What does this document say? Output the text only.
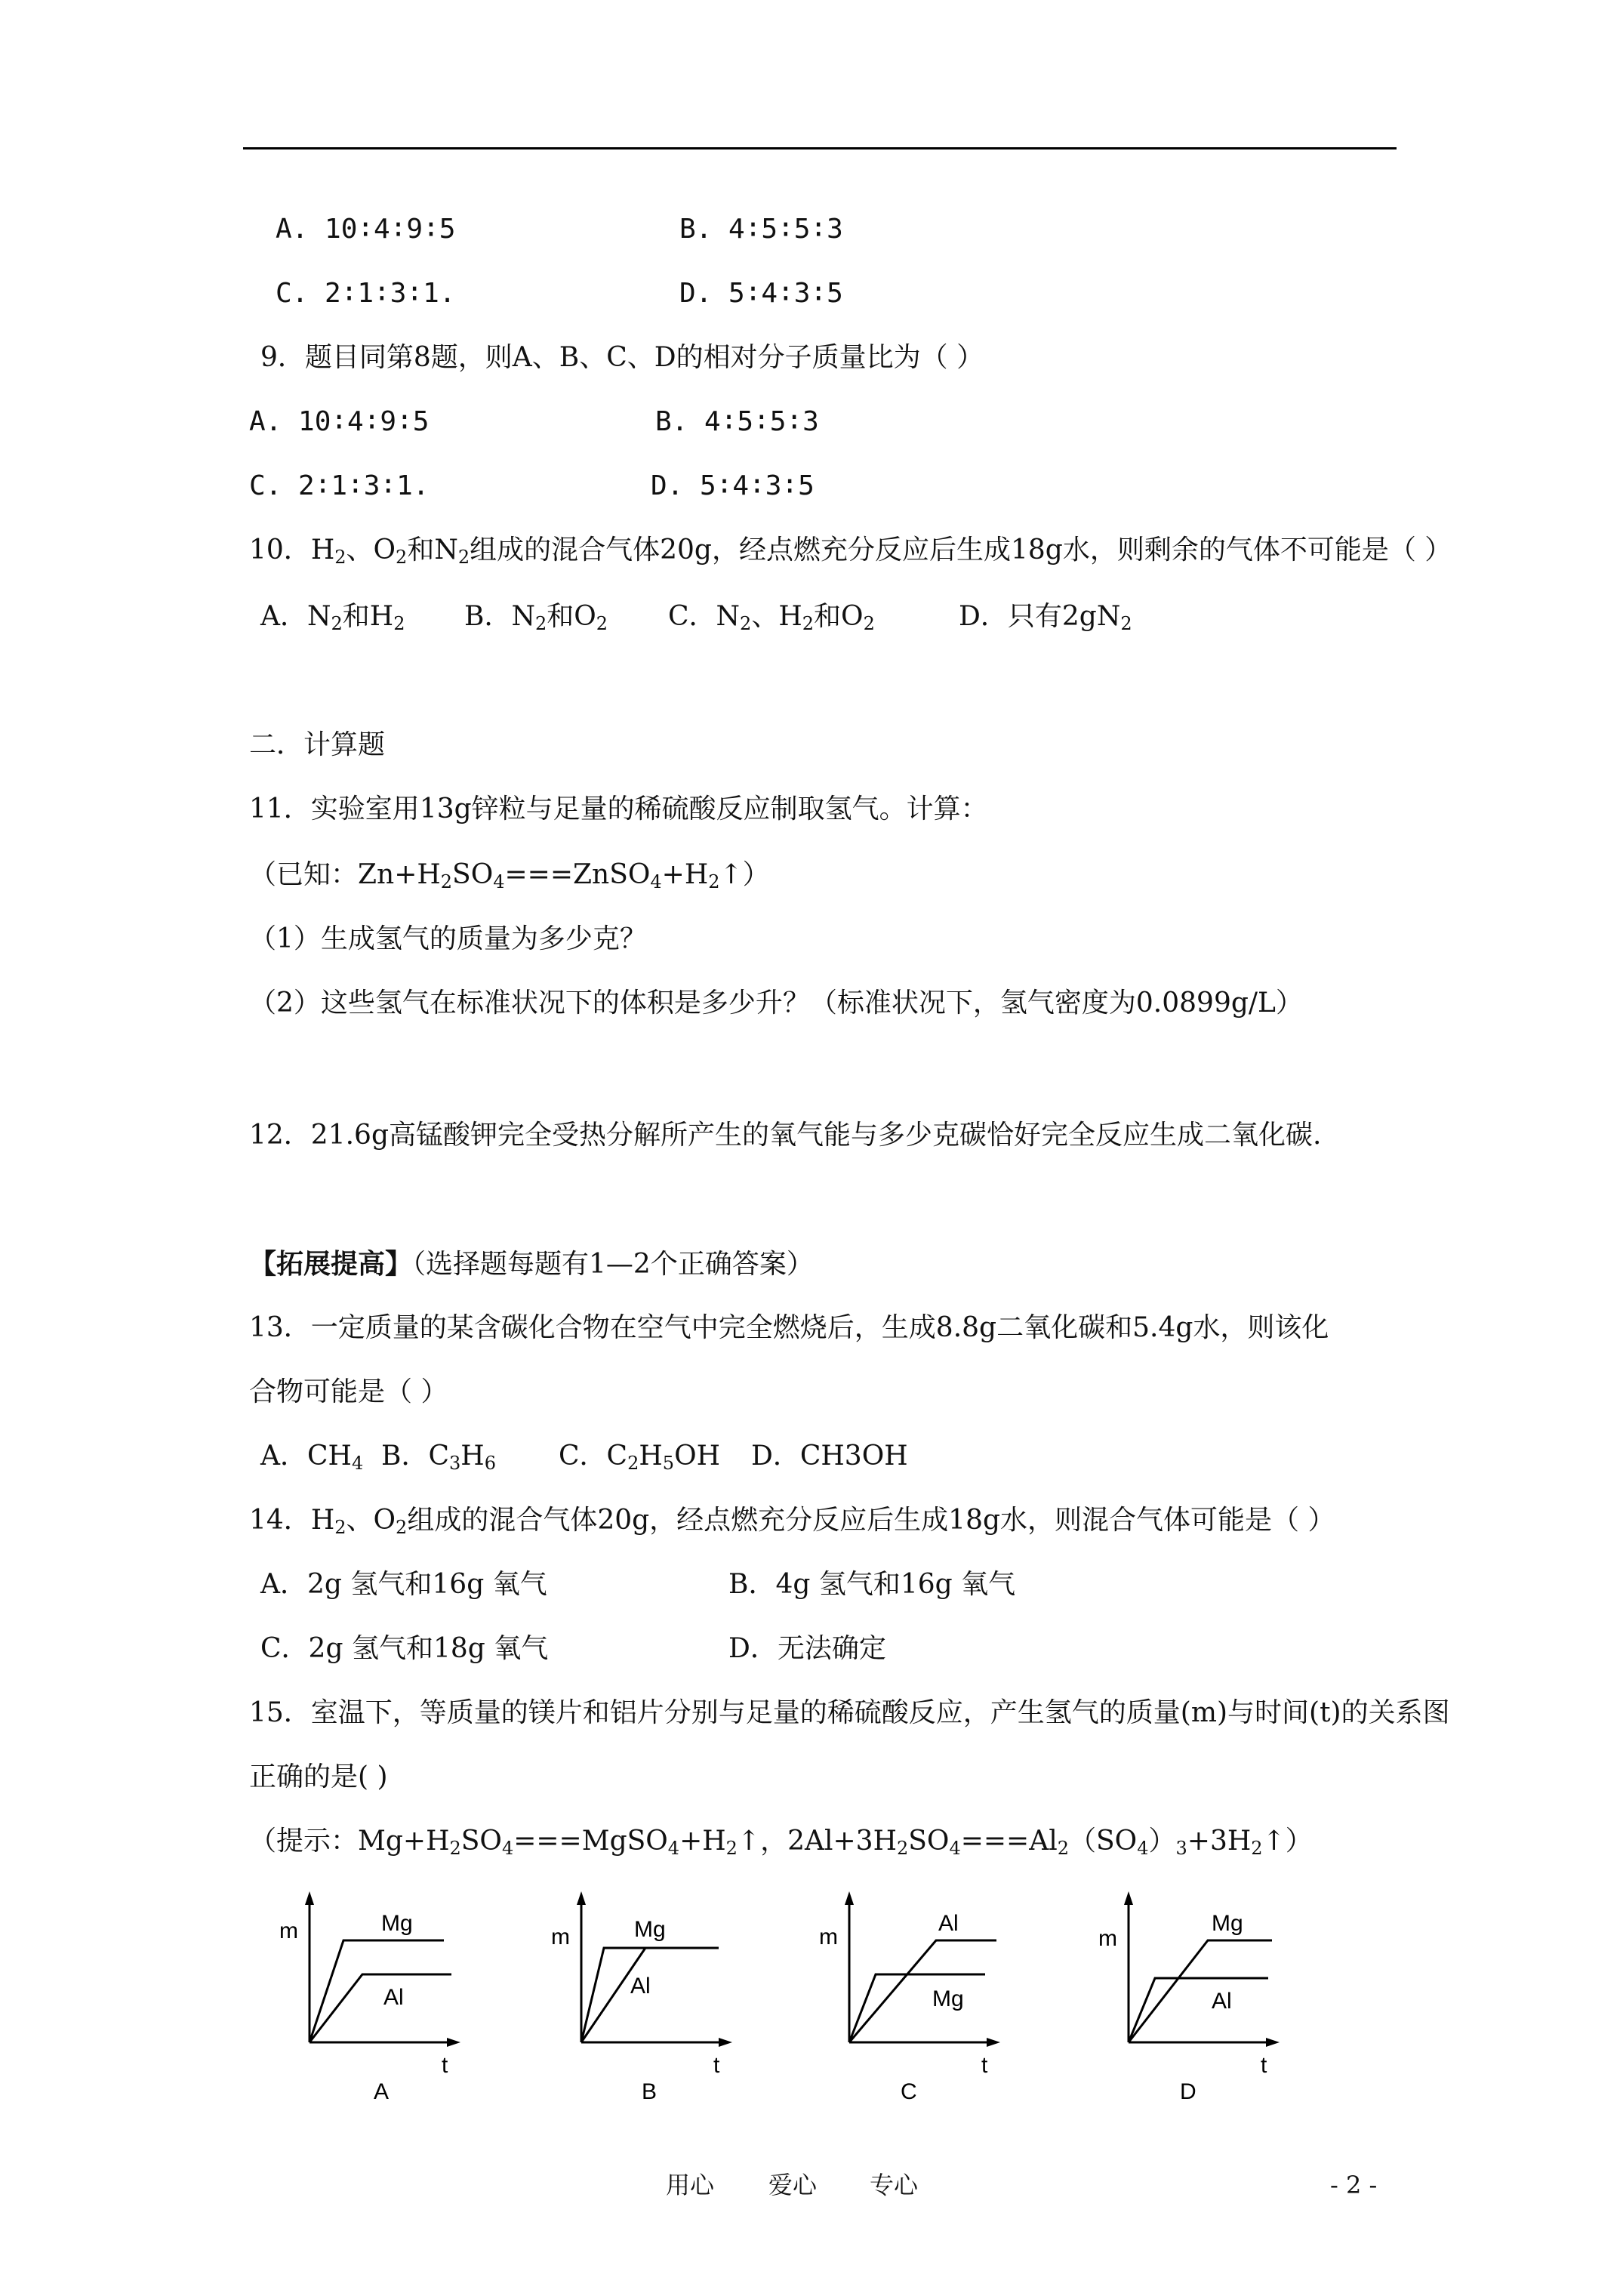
A. 10∶4∶9∶5	B. 4∶5∶5∶3
C. 2∶1∶3∶1.	D. 5∶4∶3∶5
9．题目同第8题，则A、B、C、D的相对分子质量比为（ ）
A. 10∶4∶9∶5	B. 4∶5∶5∶3
C. 2∶1∶3∶1.	D. 5∶4∶3∶5
10．$H_2$、$O_2$和$N_2$组成的混合气体20g，经点燃充分反应后生成18g水，则剩余的气体不可能是（ ）
A．$N_2$和$H_2$ B．$N_2$和$O_2$ C．$N_2$、$H_2$和$O_2$	D．只有$2gN_2$
二．计算题
11．实验室用13g锌粒与足量的稀硫酸反应制取氢气。计算：
（已知：$Zn+H_2SO_4===ZnSO_4+H_2↑$）
（1）生成氢气的质量为多少克？
（2）这些氢气在标准状况下的体积是多少升？（标准状况下，氢气密度为0.0899g/L）
12．21.6g高锰酸钾完全受热分解所产生的氧气能与多少克碳恰好完全反应生成二氧化碳.
【拓展提高】（选择题每题有1—2个正确答案）
13．一定质量的某含碳化合物在空气中完全燃烧后，生成8.8g二氧化碳和5.4g水，则该化
合物可能是（ ）
A．$CH_4$ B．$C_3H_6$ C．$C_2H_5OH$ D．CH3OH
14．$H_2$、$O_2$组成的混合气体20g，经点燃充分反应后生成18g水，则混合气体可能是（ ）
A．2g 氢气和16g 氧气	B．4g 氢气和16g 氧气
C．2g 氢气和18g 氧气	D．无法确定
15．室温下，等质量的镁片和铝片分别与足量的稀硫酸反应，产生氢气的质量(m)与时间(t)的关系图
正确的是( )
（提示：$Mg+H_2SO_4===MgSO_4+H_2↑$，$2Al+3H_2SO_4===Al_2(SO_4)_3+3H_2↑$）
m
t
Mg
Al
A
m
t
Mg
Al
B
m
t
Al
Mg
C
m
t
Mg
Al
D
用心 爱心 专心	- 2 -
